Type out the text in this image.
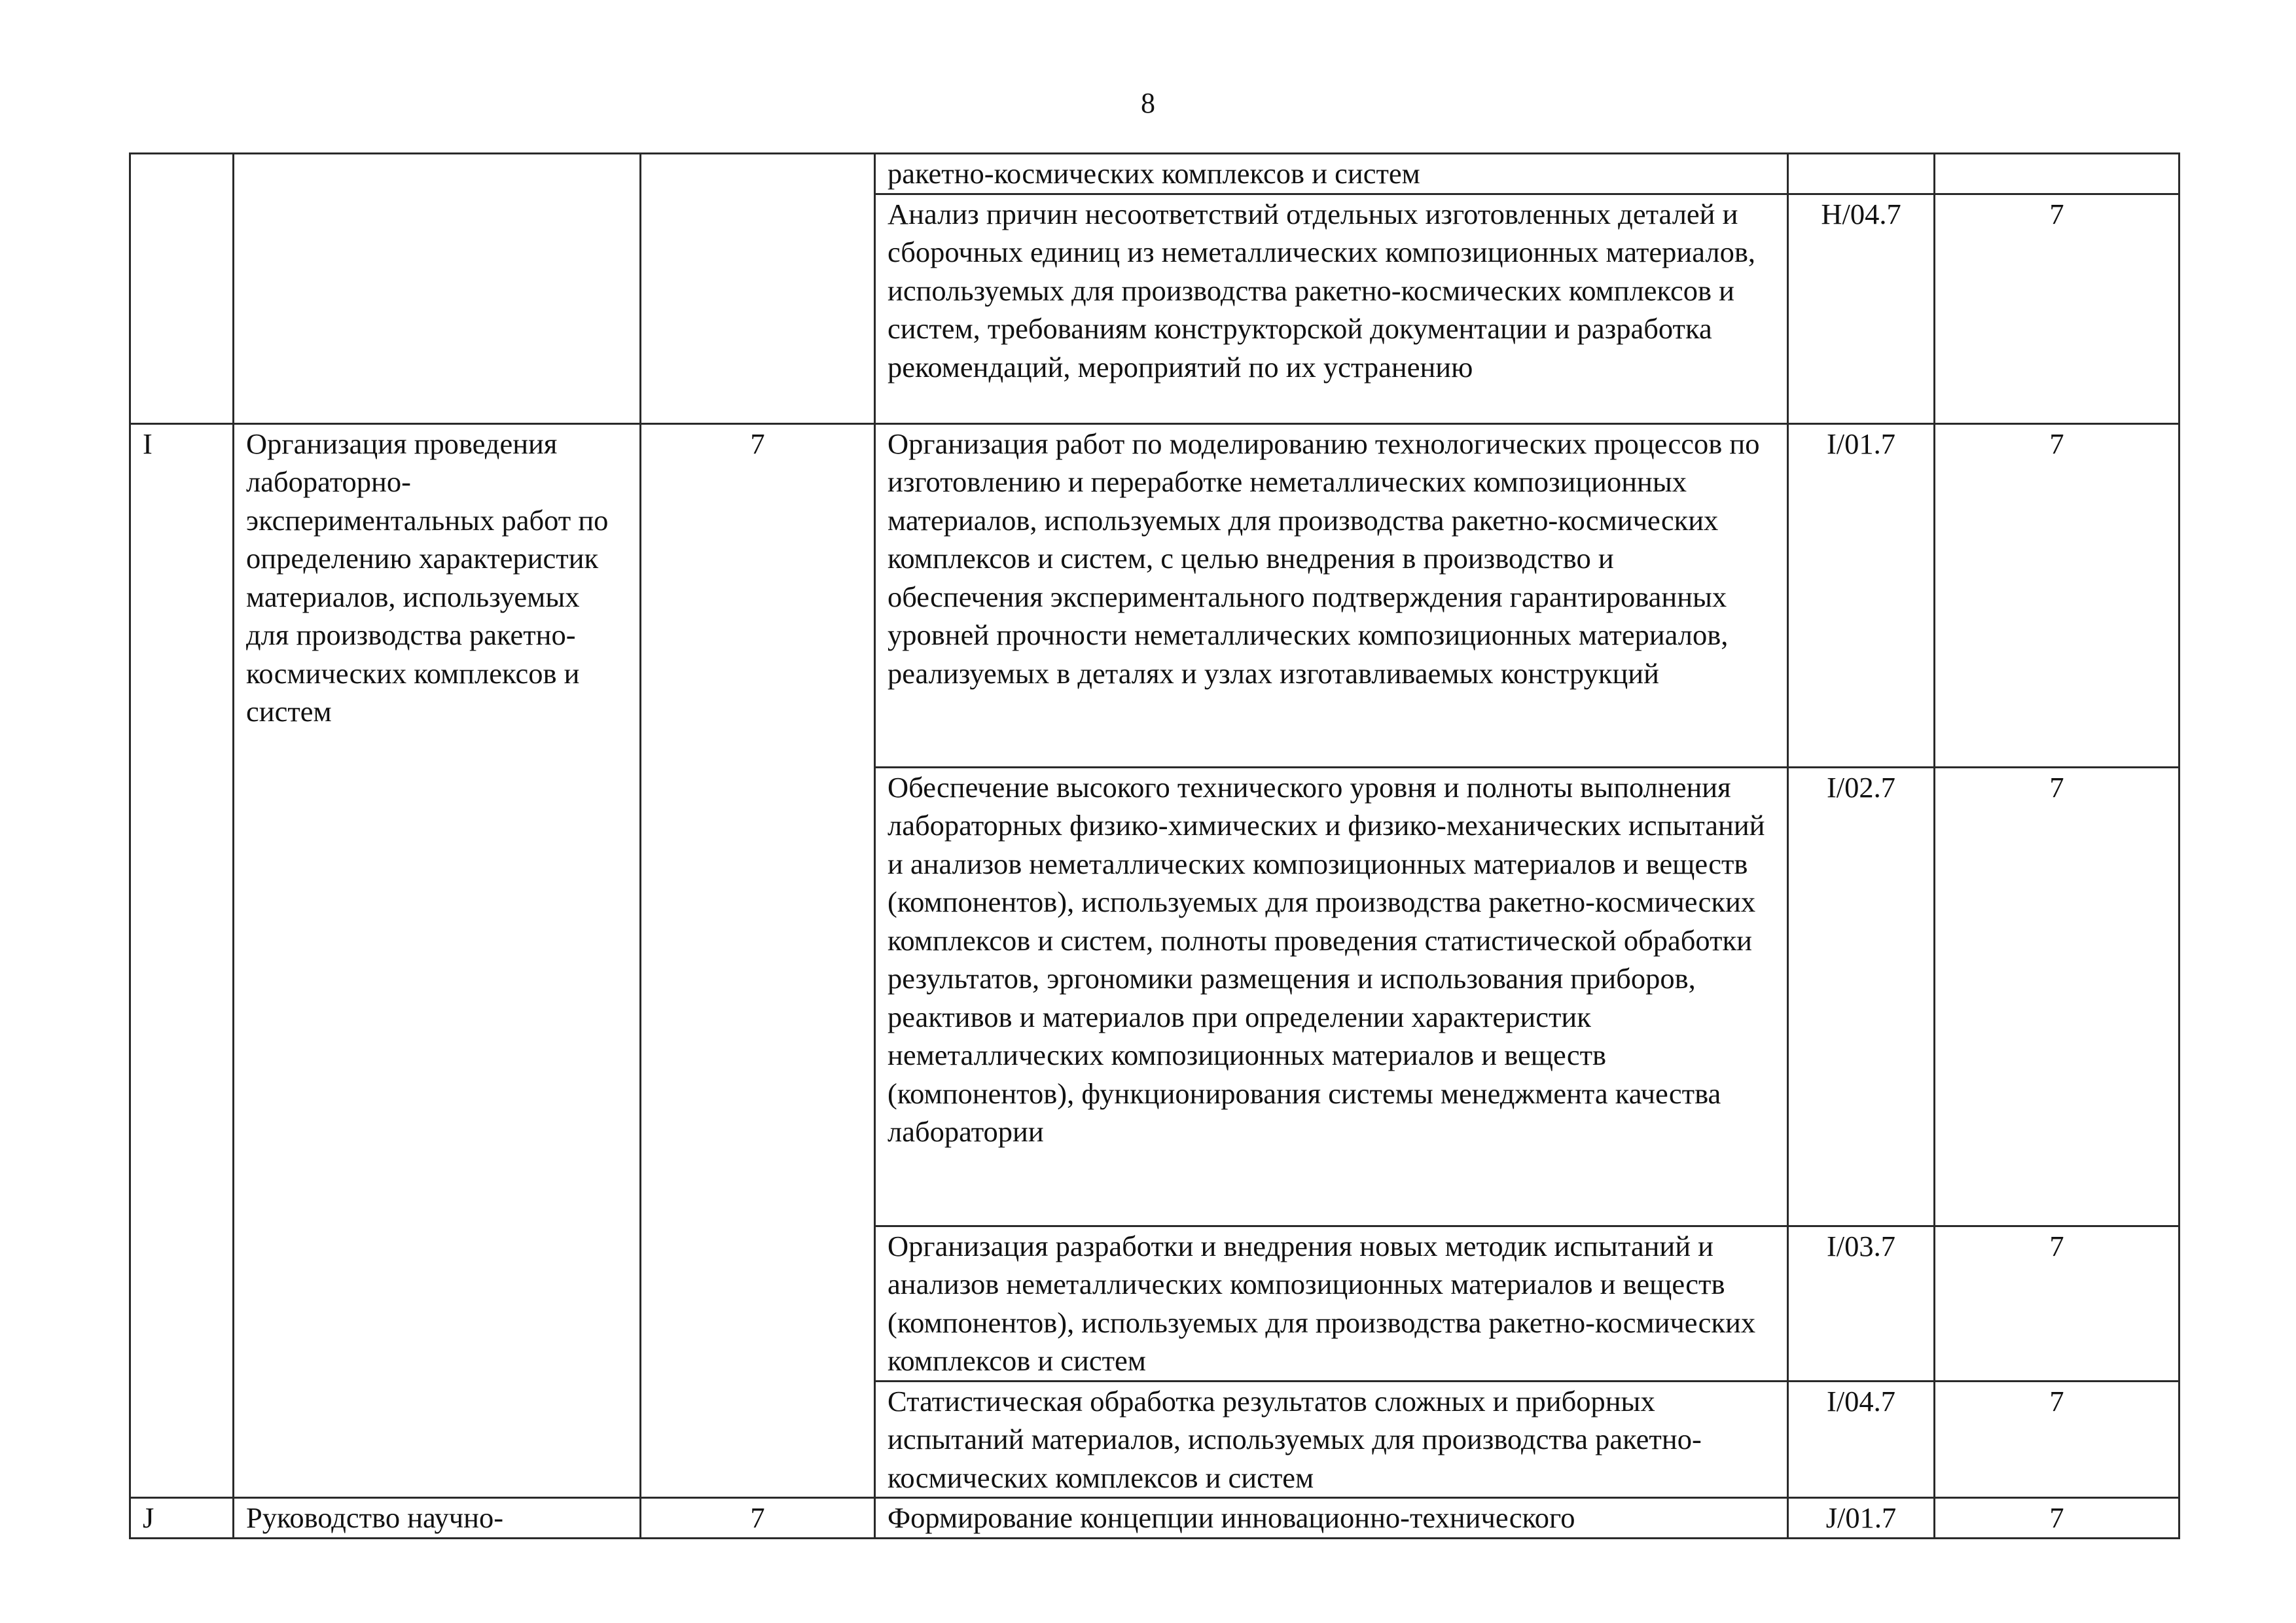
8

			ракетно-космических комплексов и систем		

			Анализ причин несоответствий отдельных изготовленных деталей и сборочных единиц из неметаллических композиционных материалов, используемых для производства ракетно-космических комплексов и систем, требованиям конструкторской документации и разработка рекомендаций, мероприятий по их устранению	H/04.7	7

I	Организация проведения лабораторно-экспериментальных работ по определению характеристик материалов, используемых для производства ракетно-космических комплексов и систем	7	Организация работ по моделированию технологических процессов по изготовлению и переработке неметаллических композиционных материалов, используемых для производства ракетно-космических комплексов и систем, с целью внедрения в производство и обеспечения экспериментального подтверждения гарантированных уровней прочности неметаллических композиционных материалов, реализуемых в деталях и узлах изготавливаемых конструкций	I/01.7	7

			Обеспечение высокого технического уровня и полноты выполнения лабораторных физико-химических и физико-механических испытаний и анализов неметаллических композиционных материалов и веществ (компонентов), используемых для производства ракетно-космических комплексов и систем, полноты проведения статистической обработки результатов, эргономики размещения и использования приборов, реактивов и материалов при определении характеристик неметаллических композиционных материалов и веществ (компонентов), функционирования системы менеджмента качества лаборатории	I/02.7	7

			Организация разработки и внедрения новых методик испытаний и анализов неметаллических композиционных материалов и веществ (компонентов), используемых для производства ракетно-космических комплексов и систем	I/03.7	7

			Статистическая обработка результатов сложных и приборных испытаний материалов, используемых для производства ракетно-космических комплексов и систем	I/04.7	7

J	Руководство научно-	7	Формирование концепции инновационно-технического	J/01.7	7
